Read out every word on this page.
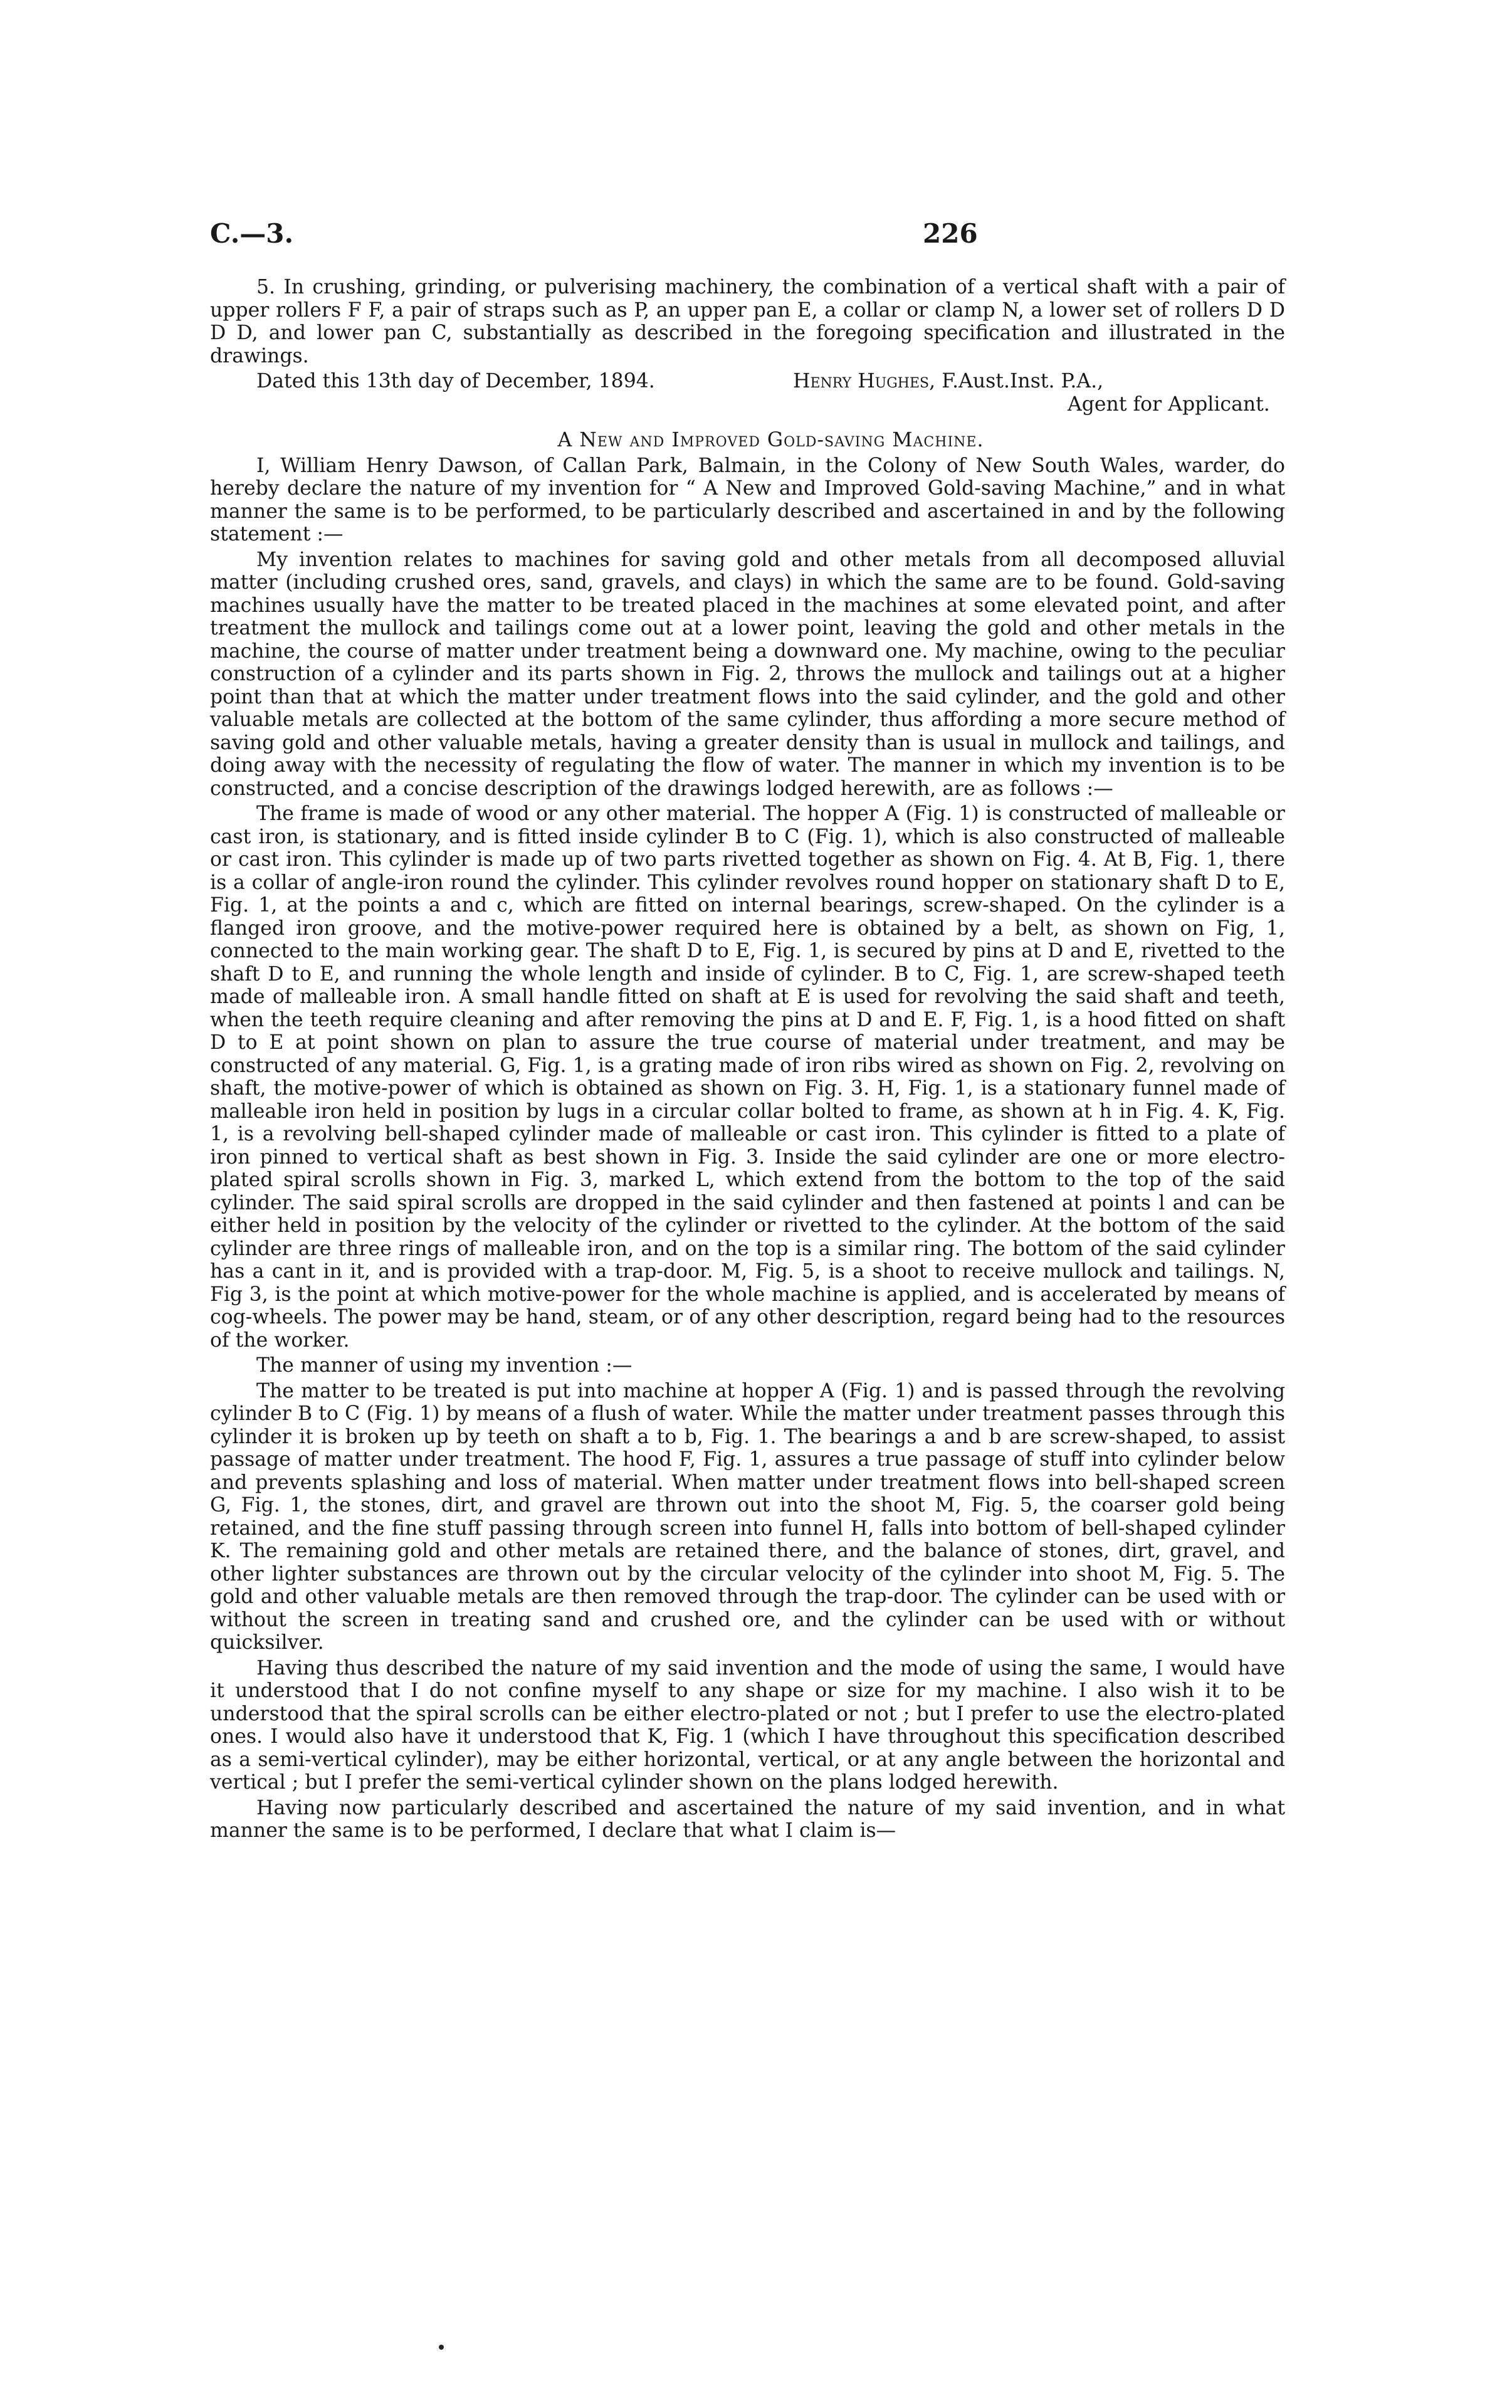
C.—3.	226

5. In crushing, grinding, or pulverising machinery, the combination of a vertical shaft with a pair of upper rollers F F, a pair of straps such as P, an upper pan E, a collar or clamp N, a lower set of rollers D D D D, and lower pan C, substantially as described in the foregoing specification and illustrated in the drawings.

Dated this 13th day of December, 1894.	Henry Hughes, F.Aust.Inst. P.A.,
Agent for Applicant.

A New and Improved Gold-saving Machine.

I, William Henry Dawson, of Callan Park, Balmain, in the Colony of New South Wales, warder, do hereby declare the nature of my invention for “ A New and Improved Gold-saving Machine,” and in what manner the same is to be performed, to be particularly described and ascertained in and by the following statement :—

My invention relates to machines for saving gold and other metals from all decomposed alluvial matter (including crushed ores, sand, gravels, and clays) in which the same are to be found. Gold-saving machines usually have the matter to be treated placed in the machines at some elevated point, and after treatment the mullock and tailings come out at a lower point, leaving the gold and other metals in the machine, the course of matter under treatment being a downward one. My machine, owing to the peculiar construction of a cylinder and its parts shown in Fig. 2, throws the mullock and tailings out at a higher point than that at which the matter under treatment flows into the said cylinder, and the gold and other valuable metals are collected at the bottom of the same cylinder, thus affording a more secure method of saving gold and other valuable metals, having a greater density than is usual in mullock and tailings, and doing away with the necessity of regulating the flow of water. The manner in which my invention is to be constructed, and a concise description of the drawings lodged herewith, are as follows :—

The frame is made of wood or any other material. The hopper A (Fig. 1) is constructed of malleable or cast iron, is stationary, and is fitted inside cylinder B to C (Fig. 1), which is also constructed of malleable or cast iron. This cylinder is made up of two parts rivetted together as shown on Fig. 4. At B, Fig. 1, there is a collar of angle-iron round the cylinder. This cylinder revolves round hopper on stationary shaft D to E, Fig. 1, at the points a and c, which are fitted on internal bearings, screw-shaped. On the cylinder is a flanged iron groove, and the motive-power required here is obtained by a belt, as shown on Fig, 1, connected to the main working gear. The shaft D to E, Fig. 1, is secured by pins at D and E, rivetted to the shaft D to E, and running the whole length and inside of cylinder. B to C, Fig. 1, are screw-shaped teeth made of malleable iron. A small handle fitted on shaft at E is used for revolving the said shaft and teeth, when the teeth require cleaning and after removing the pins at D and E. F, Fig. 1, is a hood fitted on shaft D to E at point shown on plan to assure the true course of material under treatment, and may be constructed of any material. G, Fig. 1, is a grating made of iron ribs wired as shown on Fig. 2, revolving on shaft, the motive-power of which is obtained as shown on Fig. 3. H, Fig. 1, is a stationary funnel made of malleable iron held in position by lugs in a circular collar bolted to frame, as shown at h in Fig. 4. K, Fig. 1, is a revolving bell-shaped cylinder made of malleable or cast iron. This cylinder is fitted to a plate of iron pinned to vertical shaft as best shown in Fig. 3. Inside the said cylinder are one or more electro-plated spiral scrolls shown in Fig. 3, marked L, which extend from the bottom to the top of the said cylinder. The said spiral scrolls are dropped in the said cylinder and then fastened at points l and can be either held in position by the velocity of the cylinder or rivetted to the cylinder. At the bottom of the said cylinder are three rings of malleable iron, and on the top is a similar ring. The bottom of the said cylinder has a cant in it, and is provided with a trap-door. M, Fig. 5, is a shoot to receive mullock and tailings. N, Fig 3, is the point at which motive-power for the whole machine is applied, and is accelerated by means of cog-wheels. The power may be hand, steam, or of any other description, regard being had to the resources of the worker.

The manner of using my invention :—

The matter to be treated is put into machine at hopper A (Fig. 1) and is passed through the revolving cylinder B to C (Fig. 1) by means of a flush of water. While the matter under treatment passes through this cylinder it is broken up by teeth on shaft a to b, Fig. 1. The bearings a and b are screw-shaped, to assist passage of matter under treatment. The hood F, Fig. 1, assures a true passage of stuff into cylinder below and prevents splashing and loss of material. When matter under treatment flows into bell-shaped screen G, Fig. 1, the stones, dirt, and gravel are thrown out into the shoot M, Fig. 5, the coarser gold being retained, and the fine stuff passing through screen into funnel H, falls into bottom of bell-shaped cylinder K. The remaining gold and other metals are retained there, and the balance of stones, dirt, gravel, and other lighter substances are thrown out by the circular velocity of the cylinder into shoot M, Fig. 5. The gold and other valuable metals are then removed through the trap-door. The cylinder can be used with or without the screen in treating sand and crushed ore, and the cylinder can be used with or without quicksilver.

Having thus described the nature of my said invention and the mode of using the same, I would have it understood that I do not confine myself to any shape or size for my machine. I also wish it to be understood that the spiral scrolls can be either electro-plated or not ; but I prefer to use the electro-plated ones. I would also have it understood that K, Fig. 1 (which I have throughout this specification described as a semi-vertical cylinder), may be either horizontal, vertical, or at any angle between the horizontal and vertical ; but I prefer the semi-vertical cylinder shown on the plans lodged herewith.

Having now particularly described and ascertained the nature of my said invention, and in what manner the same is to be performed, I declare that what I claim is—
